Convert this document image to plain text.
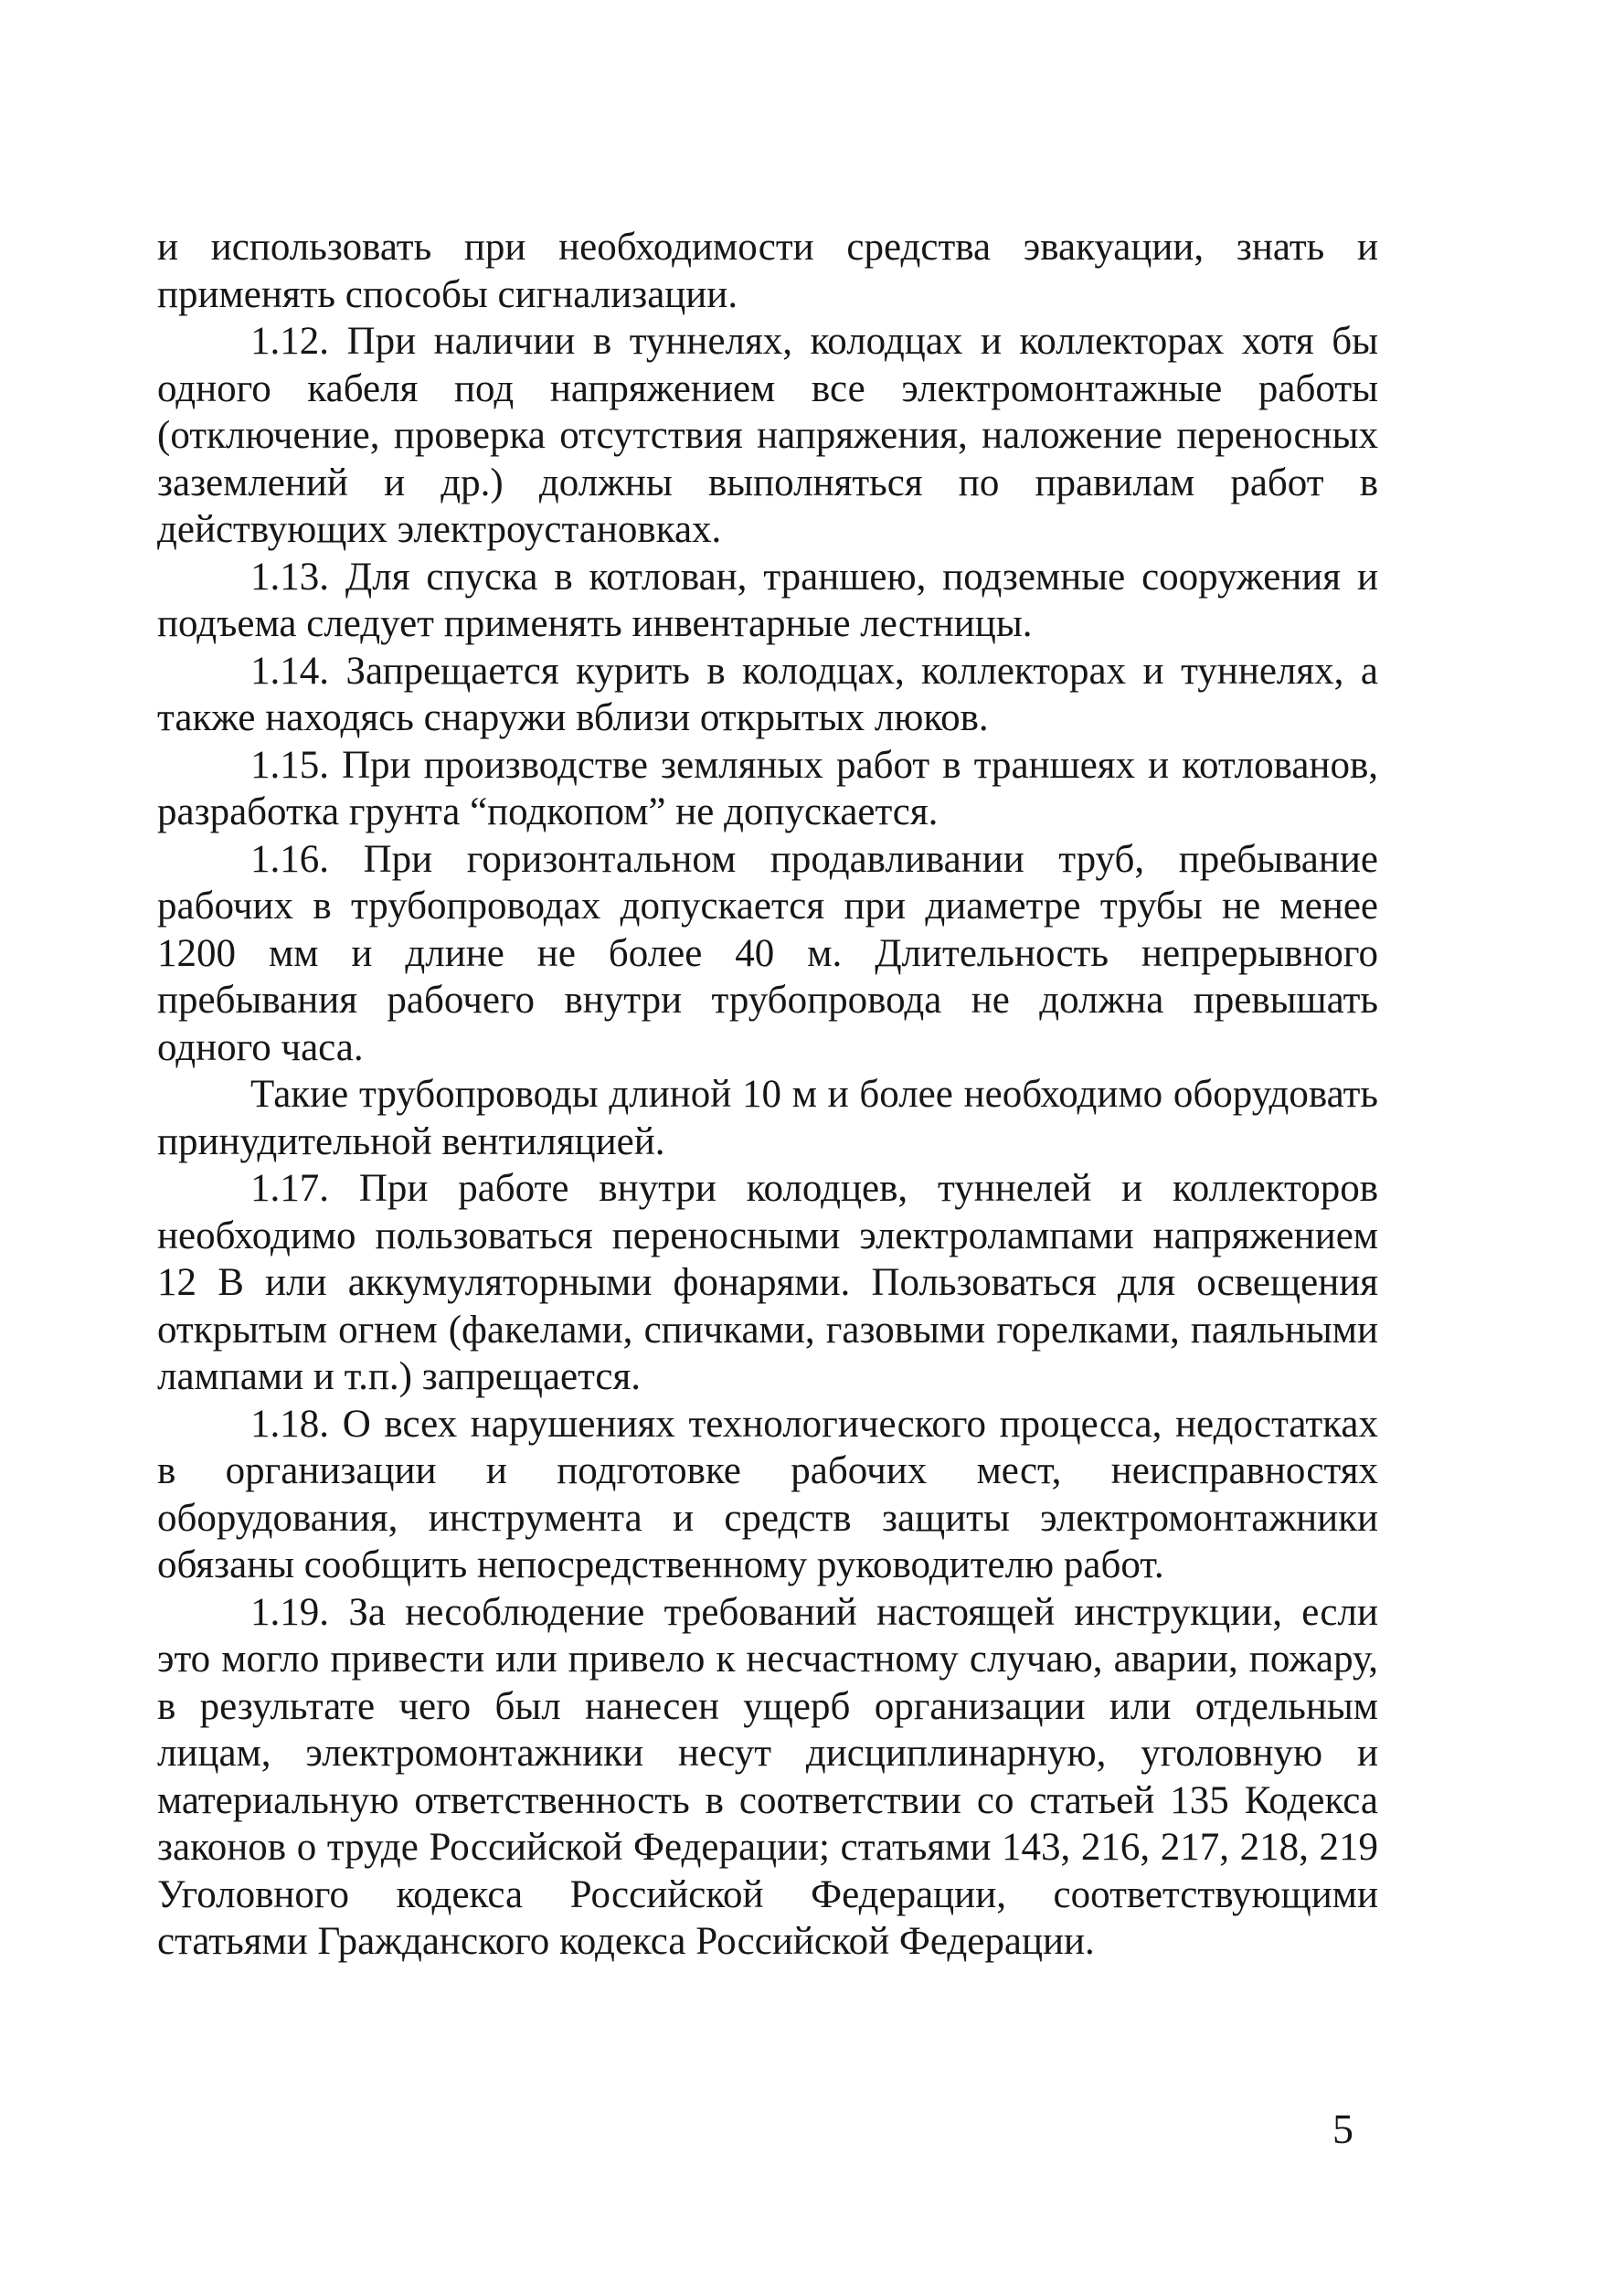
и использовать при необходимости средства эвакуации, знать и применять способы сигнализации.

1.12. При наличии в туннелях, колодцах и коллекторах хотя бы одного кабеля под напряжением все электромонтажные работы (отключение, проверка отсутствия напряжения, наложение переносных заземлений и др.) должны выполняться по правилам работ в действующих электроустановках.

1.13. Для спуска в котлован, траншею, подземные сооружения и подъема следует применять инвентарные лестницы.

1.14. Запрещается курить в колодцах, коллекторах и туннелях, а также находясь снаружи вблизи открытых люков.

1.15. При производстве земляных работ в траншеях и котлованов, разработка грунта “подкопом” не допускается.

1.16. При горизонтальном продавливании труб, пребывание рабочих в трубопроводах допускается при диаметре трубы не менее 1200 мм и длине не более 40 м. Длительность непрерывного пребывания рабочего внутри трубопровода не должна превышать одного часа.

Такие трубопроводы длиной 10 м и более необходимо оборудовать принудительной вентиляцией.

1.17. При работе внутри колодцев, туннелей и коллекторов необходимо пользоваться переносными электролампами напряжением 12 В или аккумуляторными фонарями. Пользоваться для освещения открытым огнем (факелами, спичками, газовыми горелками, паяльными лампами и т.п.) запрещается.

1.18. О всех нарушениях технологического процесса, недостатках в организации и подготовке рабочих мест, неисправностях оборудования, инструмента и средств защиты электромонтажники обязаны сообщить непосредственному руководителю работ.

1.19. За несоблюдение требований настоящей инструкции, если это могло привести или привело к несчастному случаю, аварии, пожару, в результате чего был нанесен ущерб организации или отдельным лицам, электромонтажники несут дисциплинарную, уголовную и материальную ответственность в соответствии со статьей 135 Кодекса законов о труде Российской Федерации; статьями 143, 216, 217, 218, 219 Уголовного кодекса Российской Федерации, соответствующими статьями Гражданского кодекса Российской Федерации.

5
